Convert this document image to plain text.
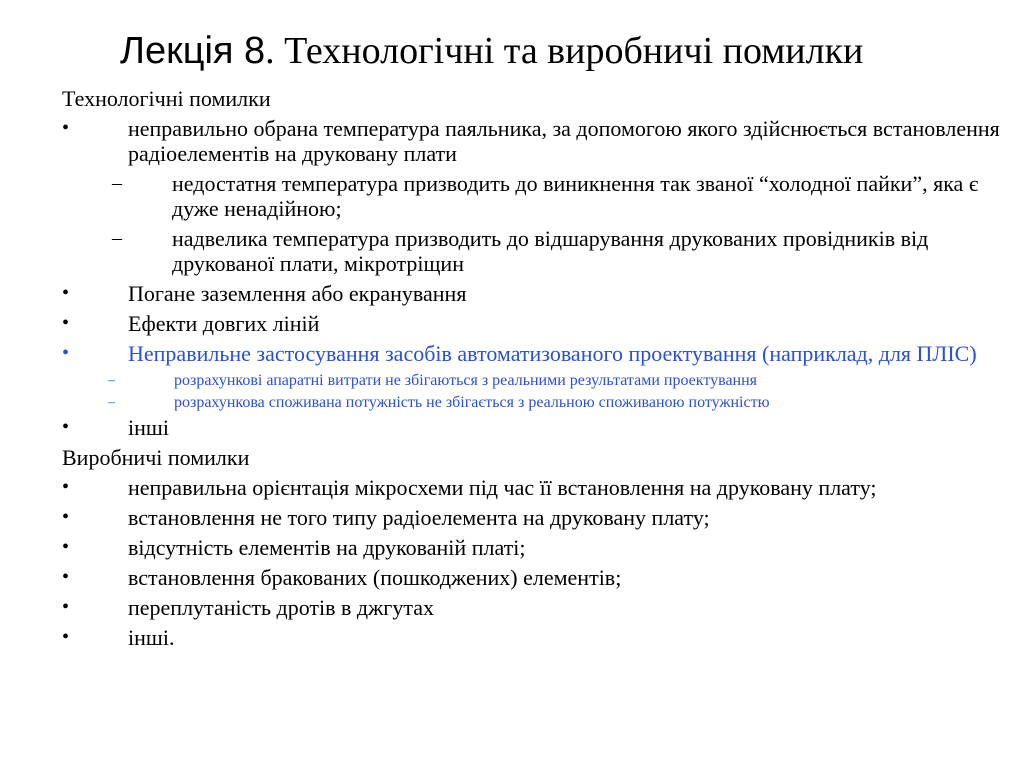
Лекція 8. Технологічні та виробничі помилки
Технологічні помилки
•	неправильно обрана температура паяльника, за допомогою якого здійснюється встановлення радіоелементів на друковану плати
– недостатня температура призводить до виникнення так званої “холодної пайки”, яка є дуже ненадійною;
– надвелика температура призводить до відшарування друкованих провідників від друкованої плати, мікротріщин
•	Погане заземлення або екранування
•	Ефекти довгих ліній
•	Неправильне застосування засобів автоматизованого проектування (наприклад, для ПЛІС)
–	розрахункові апаратні витрати не збігаються з реальними результатами проектування
–	розрахункова споживана потужність не збігається з реальною споживаною потужністю
•	інші
Виробничі помилки
•	неправильна орієнтація мікросхеми під час її встановлення на друковану плату;
•	встановлення не того типу радіоелемента на друковану плату;
•	відсутність елементів на друкованій платі;
•	встановлення бракованих (пошкоджених) елементів;
•	переплутаність дротів в джгутах
•	інші.
